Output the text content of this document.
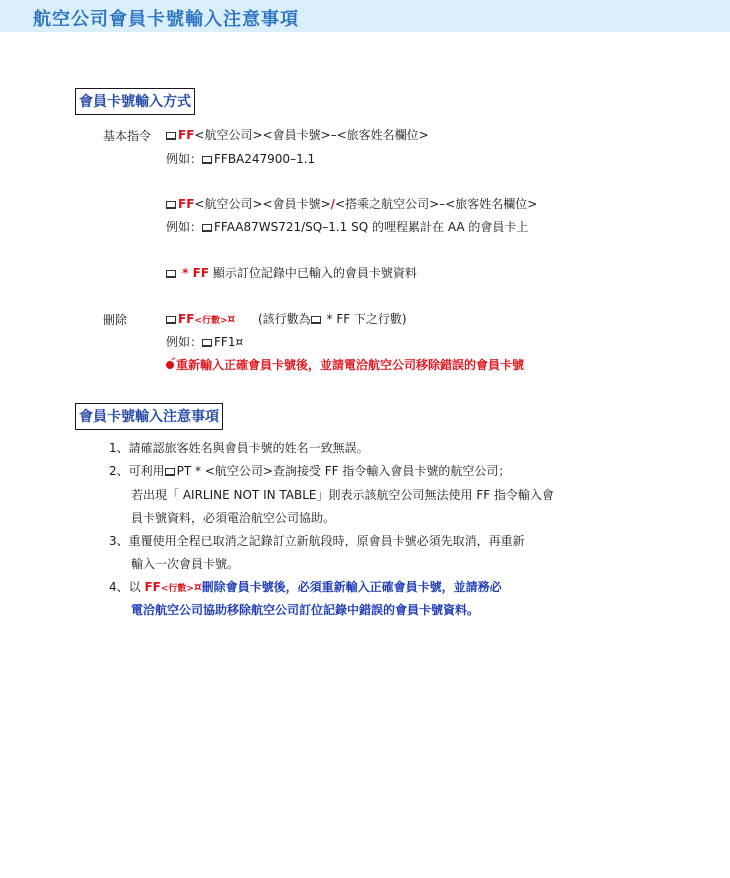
航空公司會員卡號輸入注意事項
會員卡號輸入方式
基本指令	FF<航空公司><會員卡號>–<旅客姓名欄位>
例如： FFBA247900–1.1
FF<航空公司><會員卡號>/<搭乘之航空公司>–<旅客姓名欄位>
例如： FFAA87WS721/SQ–1.1 SQ 的哩程累計在 AA 的會員卡上
* FF 顯示訂位記錄中已輸入的會員卡號資料
刪除	FF<行數>¤ (該行數為 * FF 下之行數)
例如： FF1¤
重新輸入正確會員卡號後，並請電洽航空公司移除錯誤的會員卡號
會員卡號輸入注意事項
1、請確認旅客姓名與會員卡號的姓名一致無誤。
2、可利用 PT * <航空公司>查詢接受 FF 指令輸入會員卡號的航空公司；
若出現「 AIRLINE NOT IN TABLE」則表示該航空公司無法使用 FF 指令輸入會
員卡號資料，必須電洽航空公司協助。
3、重覆使用全程已取消之記錄訂立新航段時，原會員卡號必須先取消，再重新
輸入一次會員卡號。
4、以 FF<行數>¤刪除會員卡號後，必須重新輸入正確會員卡號，並請務必
電洽航空公司協助移除航空公司訂位記錄中錯誤的會員卡號資料。
